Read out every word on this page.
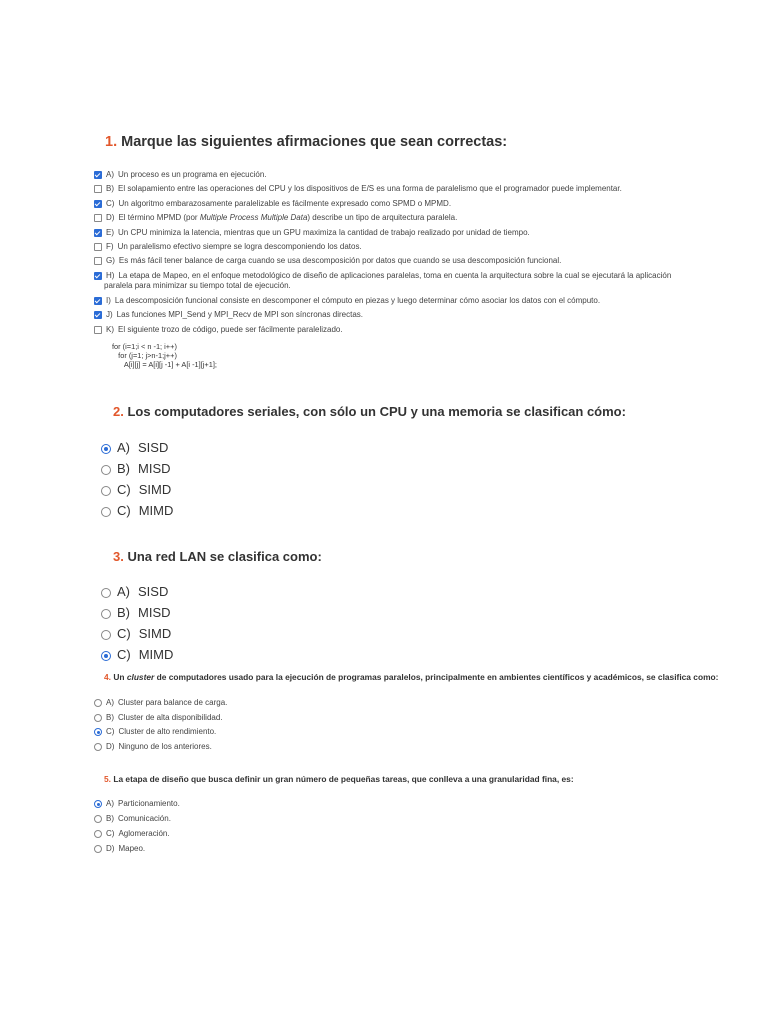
1. Marque las siguientes afirmaciones que sean correctas:
A) Un proceso es un programa en ejecución.
B) El solapamiento entre las operaciones del CPU y los dispositivos de E/S es una forma de paralelismo que el programador puede implementar.
C) Un algoritmo embarazosamente paralelizable es fácilmente expresado como SPMD o MPMD.
D) El término MPMD (por Multiple Process Multiple Data) describe un tipo de arquitectura paralela.
E) Un CPU minimiza la latencia, mientras que un GPU maximiza la cantidad de trabajo realizado por unidad de tiempo.
F) Un paralelismo efectivo siempre se logra descomponiendo los datos.
G) Es más fácil tener balance de carga cuando se usa descomposición por datos que cuando se usa descomposición funcional.
H) La etapa de Mapeo, en el enfoque metodológico de diseño de aplicaciones paralelas, toma en cuenta la arquitectura sobre la cual se ejecutará la aplicación
paralela para minimizar su tiempo total de ejecución.
I) La descomposición funcional consiste en descomponer el cómputo en piezas y luego determinar cómo asociar los datos con el cómputo.
J) Las funciones MPI_Send y MPI_Recv de MPI son síncronas directas.
K) El siguiente trozo de código, puede ser fácilmente paralelizado.
for (i=1;i < n -1; i++)
for (j=1; j>n-1;j++)
A[i][j] = A[i][j -1] + A[i -1][j+1];
2. Los computadores seriales, con sólo un CPU y una memoria se clasifican cómo:
A) SISD
B) MISD
C) SIMD
C) MIMD
3. Una red LAN se clasifica como:
A) SISD
B) MISD
C) SIMD
C) MIMD
4. Un cluster de computadores usado para la ejecución de programas paralelos, principalmente en ambientes científicos y académicos, se clasifica como:
A) Cluster para balance de carga.
B) Cluster de alta disponibilidad.
C) Cluster de alto rendimiento.
D) Ninguno de los anteriores.
5. La etapa de diseño que busca definir un gran número de pequeñas tareas, que conlleva a una granularidad fina, es:
A) Particionamiento.
B) Comunicación.
C) Aglomeración.
D) Mapeo.
